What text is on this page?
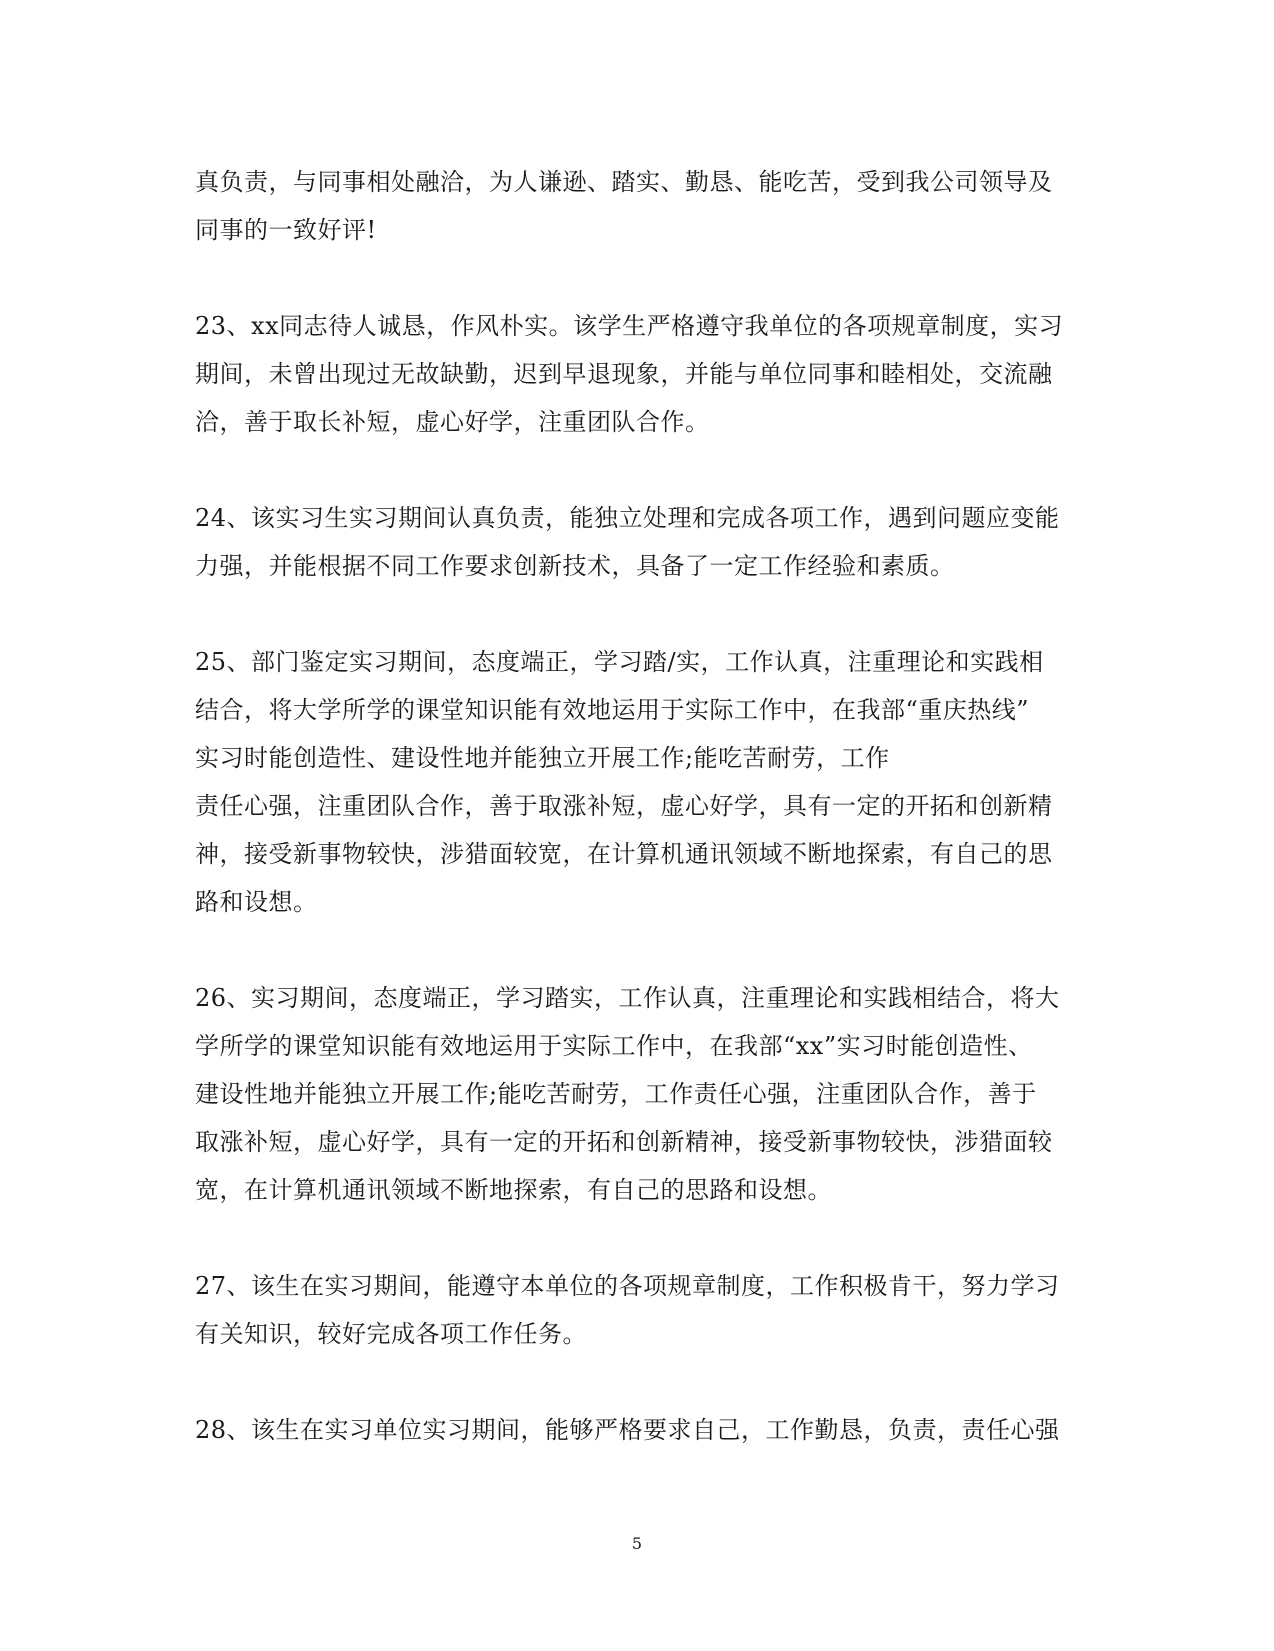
真负责，与同事相处融洽，为人谦逊、踏实、勤恳、能吃苦，受到我公司领导及
同事的一致好评!
23、xx同志待人诚恳，作风朴实。该学生严格遵守我单位的各项规章制度，实习
期间，未曾出现过无故缺勤，迟到早退现象，并能与单位同事和睦相处，交流融
洽，善于取长补短，虚心好学，注重团队合作。
24、该实习生实习期间认真负责，能独立处理和完成各项工作，遇到问题应变能
力强，并能根据不同工作要求创新技术，具备了一定工作经验和素质。
25、部门鉴定实习期间，态度端正，学习踏/实，工作认真，注重理论和实践相
结合，将大学所学的课堂知识能有效地运用于实际工作中，在我部“重庆热线”
实习时能创造性、建设性地并能独立开展工作;能吃苦耐劳，工作
责任心强，注重团队合作，善于取涨补短，虚心好学，具有一定的开拓和创新精
神，接受新事物较快，涉猎面较宽，在计算机通讯领域不断地探索，有自己的思
路和设想。
26、实习期间，态度端正，学习踏实，工作认真，注重理论和实践相结合，将大
学所学的课堂知识能有效地运用于实际工作中，在我部“xx”实习时能创造性、
建设性地并能独立开展工作;能吃苦耐劳，工作责任心强，注重团队合作，善于
取涨补短，虚心好学，具有一定的开拓和创新精神，接受新事物较快，涉猎面较
宽，在计算机通讯领域不断地探索，有自己的思路和设想。
27、该生在实习期间，能遵守本单位的各项规章制度，工作积极肯干，努力学习
有关知识，较好完成各项工作任务。
28、该生在实习单位实习期间，能够严格要求自己，工作勤恳，负责，责任心强
5
